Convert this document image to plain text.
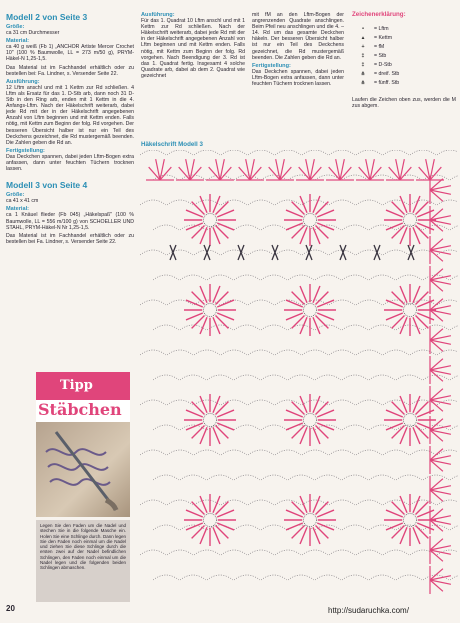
Modell 2 von Seite 3
Größe:

ca 31 cm Durchmesser

Material:

ca 40 g weiß (Fb 1) „ANCHOR Artiste Mercer Crochet 10" (100 % Baumwolle, LL = 273 m/50 g), PRYM-Häkel-N 1,25-1,5.

Das Material ist im Fachhandel erhältlich oder zu bestellen bei: Fa. Lindner, s. Versender Seite 22.

Ausführung:

12 Lftm anschl und mit 1 Kettm zur Rd schließen. 4 Lftm als Ersatz für das 1. D-Stb arb, dann noch 31 D-Stb in den Ring arb, enden mit 1 Kettm in die 4. Anfangs-Lftm. Nach der Häkelschrift weiterarb, dabei jede Rd mit der in der Häkelschrift angegebenen Anzahl von Lftm beginnen und mit Kettm enden. Falls nötig, mit Kettm zum Beginn der folg. Rd vorgehen. Der besseren Übersicht halber ist nur ein Teil des Deckchens gezeichnet, die Rd mustergemäß beenden. Die Zahlen geben die Rd an.

Fertigstellung:

Das Deckchen spannen, dabei jeden Lftm-Bogen extra anfassen, dann unter feuchten Tüchern trocknen lassen.

Modell 3 von Seite 4
Größe:

ca 41 x 41 cm

Material:

ca 1 Knäuel flieder (Fb 045) „Häkelspaß" (100 % Baumwolle, LL = 556 m/100 g) von SCHOELLER UND STAHL, PRYM-Häkel-N Nr 1,25-1,5.

Das Material ist im Fachhandel erhältlich oder zu bestellen bei Fa. Lindner, s. Versender Seite 22.

Ausführung:

Für das 1. Quadrat 10 Lftm anschl und mit 1 Kettm zur Rd schließen. Nach der Häkelschrift weiterarb, dabei jede Rd mit der in der Häkelschrift angegebenen Anzahl von Lftm beginnen und mit Kettm enden. Falls nötig, mit Kettm zum Beginn der folg. Rd vorgehen. Nach Beendigung der 3. Rd ist das 1. Quadrat fertig. Insgesamt 4 solche Quadrate arb, dabei ab dem 2. Quadrat wie gezeichnet

mit fM an den Lftm-Bogen der angrenzenden Quadrate anschlingen. Beim Pfeil neu anschlingen und die 4. – 14. Rd um das gesamte Deckchen häkeln. Der besseren Übersicht halber ist nur ein Teil des Deckchens gezeichnet, die Rd mustergemäß beenden. Die Zahlen geben die Rd an.

Fertigstellung:

Das Deckchen spannen, dabei jeden Lftm-Bogen extra anfassen, dann unter feuchten Tüchern trocknen lassen.

Zeichenerklärung:
•	= Lftm
▴	= Kettm
+	= fM
‡	= Stb
‡	= D-Stb
⋔	= dreif. Stb
⋔	= fünff. Stb
Laufen die Zeichen oben zus, werden die M zus abgem.
Häkelschrift Modell 3
Tipp
Stäbchen
Legen Sie den Faden um die Nadel und stechen Sie in die folgende Masche ein. Holen Sie eine Schlinge durch. Dann legen Sie den Faden noch einmal um die Nadel und ziehen Sie diese Schlinge durch die ersten zwei auf der Nadel befindlichen Schlingen, den Faden noch einmal um die Nadel legen und die folgenden beiden Schlingen abmaschen.
20	http://sudaruchka.com/
